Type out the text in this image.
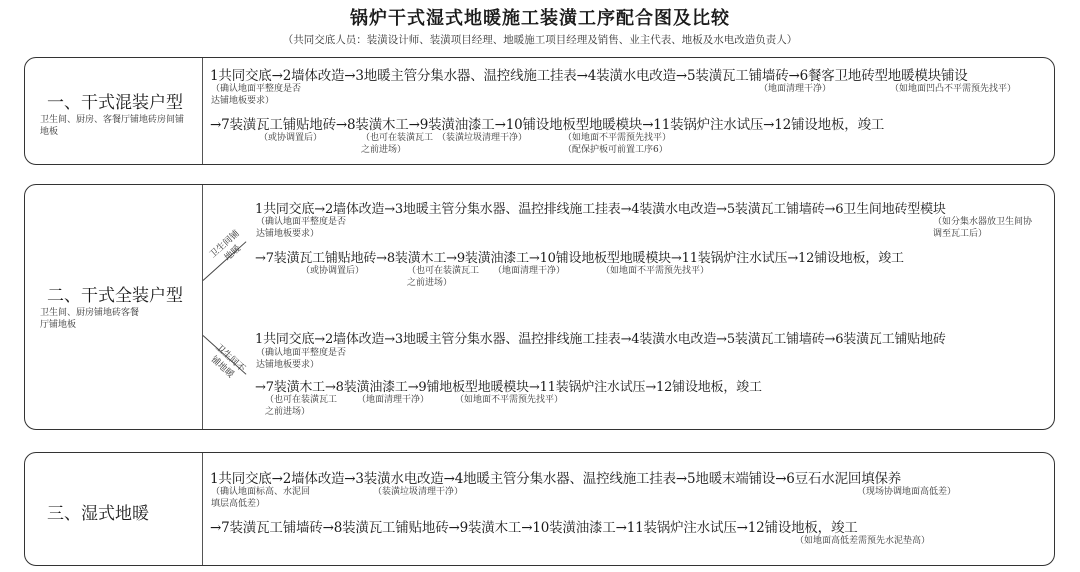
锅炉干式湿式地暖施工装潢工序配合图及比较
（共同交底人员：装潢设计师、装潢项目经理、地暖施工项目经理及销售、业主代表、地板及水电改造负责人）
一、干式混装户型
卫生间、厨房、客餐厅铺地砖房间铺地板
1共同交底→2墙体改造→3地暖主管分集水器、温控线施工挂表→4装潢水电改造→5装潢瓦工铺墙砖→6餐客卫地砖型地暖模块铺设
（确认地面平整度是否达铺地板要求）
（地面清理干净）	（如地面凹凸不平需预先找平）
→7装潢瓦工铺贴地砖→8装潢木工→9装潢油漆工→10铺设地板型地暖模块→11装锅炉注水试压→12铺设地板，竣工
（或协调置后）	（也可在装潢瓦工之前进场）
（装潢垃圾清理干净）	（如地面不平需预先找平）
（配保护板可前置工序6）
二、干式全装户型
卫生间、厨房铺地砖客餐厅铺地板
卫生间铺地暖
卫生间不铺地暖
1共同交底→2墙体改造→3地暖主管分集水器、温控排线施工挂表→4装潢水电改造→5装潢瓦工铺墙砖→6卫生间地砖型模块
（确认地面平整度是否达铺地板要求）
（如分集水器放卫生间协调至瓦工后）
→7装潢瓦工铺贴地砖→8装潢木工→9装潢油漆工→10铺设地板型地暖模块→11装锅炉注水试压→12铺设地板，竣工
（或协调置后）	（也可在装潢瓦工之前进场）
（地面清理干净）	（如地面不平需预先找平）
1共同交底→2墙体改造→3地暖主管分集水器、温控排线施工挂表→4装潢水电改造→5装潢瓦工铺墙砖→6装潢瓦工铺贴地砖
（确认地面平整度是否达铺地板要求）
→7装潢木工→8装潢油漆工→9铺地板型地暖模块→11装锅炉注水试压→12铺设地板，竣工
（也可在装潢瓦工之前进场）
（地面清理干净）	（如地面不平需预先找平）
三、湿式地暖
1共同交底→2墙体改造→3装潢水电改造→4地暖主管分集水器、温控线施工挂表→5地暖末端铺设→6豆石水泥回填保养
（确认地面标高、水泥回填层高低差）
（装潢垃圾清理干净）	（现场协调地面高低差）
→7装潢瓦工铺墙砖→8装潢瓦工铺贴地砖→9装潢木工→10装潢油漆工→11装锅炉注水试压→12铺设地板，竣工
（如地面高低差需预先水泥垫高）
